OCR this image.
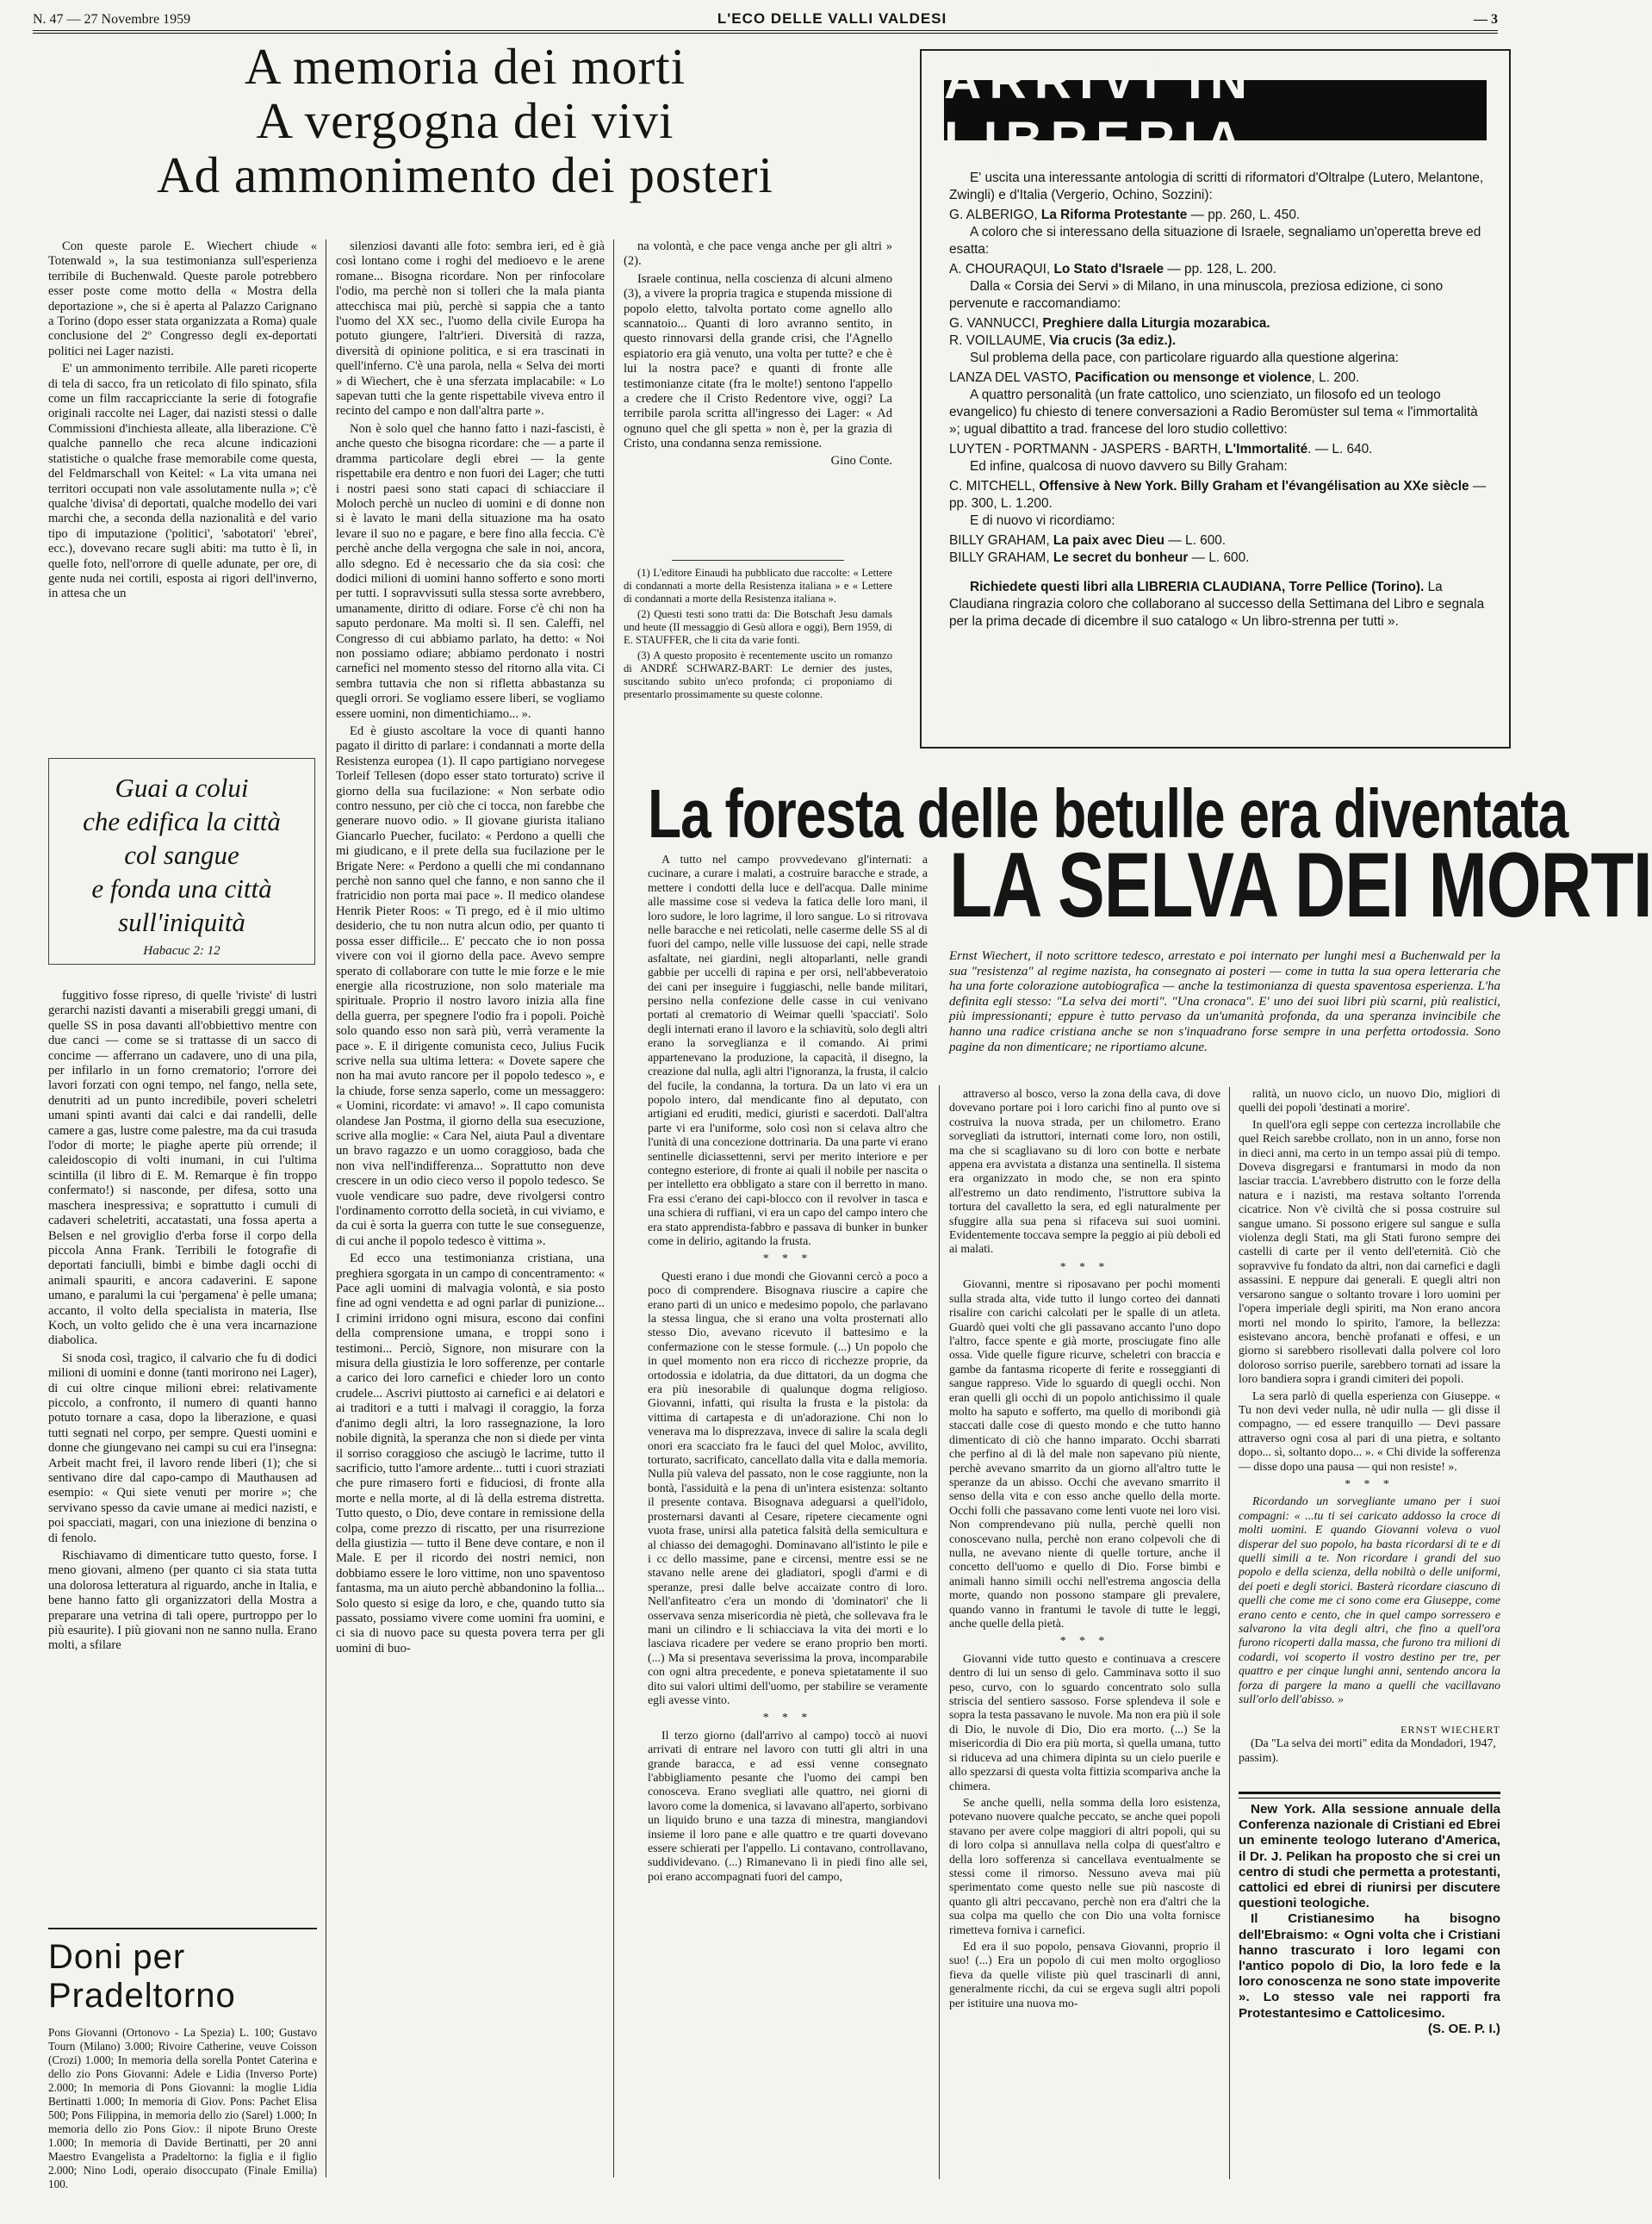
N. 47 — 27 Novembre 1959	L'ECO DELLE VALLI VALDESI	— 3
A memoria dei morti
A vergogna dei vivi
Ad ammonimento dei posteri

Con queste parole E. Wiechert chiude « Totenwald », la sua testimonianza sull'esperienza terribile di Buchenwald. Queste parole potrebbero esser poste come motto della « Mostra della deportazione », che si è aperta al Palazzo Carignano a Torino (dopo esser stata organizzata a Roma) quale conclusione del 2º Congresso degli ex-deportati politici nei Lager nazisti.

E' un ammonimento terribile. Alle pareti ricoperte di tela di sacco, fra un reticolato di filo spinato, sfila come un film raccapricciante la serie di fotografie originali raccolte nei Lager, dai nazisti stessi o dalle Commissioni d'inchiesta alleate, alla liberazione. C'è qualche pannello che reca alcune indicazioni statistiche o qualche frase memorabile come questa, del Feldmarschall von Keitel: « La vita umana nei territori occupati non vale assolutamente nulla »; c'è qualche 'divisa' di deportati, qualche modello dei vari marchi che, a seconda della nazionalità e del vario tipo di imputazione ('politici', 'sabotatori' 'ebrei', ecc.), dovevano recare sugli abiti: ma tutto è lì, in quelle foto, nell'orrore di quelle adunate, per ore, di gente nuda nei cortili, esposta ai rigori dell'inverno, in attesa che un

Guai a colui
che edifica la città
col sangue
e fonda una città
sull'iniquità
Habacuc 2: 12

fuggitivo fosse ripreso, di quelle 'riviste' di lustri gerarchi nazisti davanti a miserabili greggi umani, di quelle SS in posa davanti all'obbiettivo mentre con due canci — come se si trattasse di un sacco di concime — afferrano un cadavere, uno di una pila, per infilarlo in un forno crematorio; l'orrore dei lavori forzati con ogni tempo, nel fango, nella sete, denutriti ad un punto incredibile, poveri scheletri umani spinti avanti dai calci e dai randelli, delle camere a gas, lustre come palestre, ma da cui trasuda l'odor di morte; le piaghe aperte più orrende; il caleidoscopio di volti inumani, in cui l'ultima scintilla (il libro di E. M. Remarque è fin troppo confermato!) si nasconde, per difesa, sotto una maschera inespressiva; e soprattutto i cumuli di cadaveri scheletriti, accatastati, una fossa aperta a Belsen e nel groviglio d'erba forse il corpo della piccola Anna Frank. Terribili le fotografie di deportati fanciulli, bimbi e bimbe dagli occhi di animali spauriti, e ancora cadaverini. E sapone umano, e paralumi la cui 'pergamena' è pelle umana; accanto, il volto della specialista in materia, Ilse Koch, un volto gelido che è una vera incarnazione diabolica.

Si snoda così, tragico, il calvario che fu di dodici milioni di uomini e donne (tanti morirono nei Lager), di cui oltre cinque milioni ebrei: relativamente piccolo, a confronto, il numero di quanti hanno potuto tornare a casa, dopo la liberazione, e quasi tutti segnati nel corpo, per sempre. Questi uomini e donne che giungevano nei campi su cui era l'insegna: Arbeit macht frei, il lavoro rende liberi (1); che si sentivano dire dal capo-campo di Mauthausen ad esempio: « Qui siete venuti per morire »; che servivano spesso da cavie umane ai medici nazisti, e poi spacciati, magari, con una iniezione di benzina o di fenolo.

Rischiavamo di dimenticare tutto questo, forse. I meno giovani, almeno (per quanto ci sia stata tutta una dolorosa letteratura al riguardo, anche in Italia, e bene hanno fatto gli organizzatori della Mostra a preparare una vetrina di tali opere, purtroppo per lo più esaurite). I più giovani non ne sanno nulla. Erano molti, a sfilare

Doni per Pradeltorno
Pons Giovanni (Ortonovo - La Spezia) L. 100; Gustavo Tourn (Milano) 3.000; Rivoire Catherine, veuve Coisson (Crozi) 1.000; In memoria della sorella Pontet Caterina e dello zio Pons Giovanni: Adele e Lidia (Inverso Porte) 2.000; In memoria di Pons Giovanni: la moglie Lidia Bertinatti 1.000; In memoria di Giov. Pons: Pachet Elisa 500; Pons Filippina, in memoria dello zio (Sarel) 1.000; In memoria dello zio Pons Giov.: il nipote Bruno Oreste 1.000; In memoria di Davide Bertinatti, per 20 anni Maestro Evangelista a Pradeltorno: la figlia e il figlio 2.000; Nino Lodi, operaio disoccupato (Finale Emilia) 100.

silenziosi davanti alle foto: sembra ieri, ed è già così lontano come i roghi del medioevo e le arene romane... Bisogna ricordare. Non per rinfocolare l'odio, ma perchè non si tolleri che la mala pianta attecchisca mai più, perchè si sappia che a tanto l'uomo del XX sec., l'uomo della civile Europa ha potuto giungere, l'altr'ieri. Diversità di razza, diversità di opinione politica, e si era trascinati in quell'inferno. C'è una parola, nella « Selva dei morti » di Wiechert, che è una sferzata implacabile: « Lo sapevan tutti che la gente rispettabile viveva entro il recinto del campo e non dall'altra parte ».

Non è solo quel che hanno fatto i nazi-fascisti, è anche questo che bisogna ricordare: che — a parte il dramma particolare degli ebrei — la gente rispettabile era dentro e non fuori dei Lager; che tutti i nostri paesi sono stati capaci di schiacciare il Moloch perchè un nucleo di uomini e di donne non si è lavato le mani della situazione ma ha osato levare il suo no e pagare, e bere fino alla feccia. C'è perchè anche della vergogna che sale in noi, ancora, allo sdegno. Ed è necessario che da sia così: che dodici milioni di uomini hanno sofferto e sono morti per tutti. I sopravvissuti sulla stessa sorte avrebbero, umanamente, diritto di odiare. Forse c'è chi non ha saputo perdonare. Ma molti sì. Il sen. Caleffi, nel Congresso di cui abbiamo parlato, ha detto: « Noi non possiamo odiare; abbiamo perdonato i nostri carnefici nel momento stesso del ritorno alla vita. Ci sembra tuttavia che non si rifletta abbastanza su quegli orrori. Se vogliamo essere liberi, se vogliamo essere uomini, non dimentichiamo... ».

Ed è giusto ascoltare la voce di quanti hanno pagato il diritto di parlare: i condannati a morte della Resistenza europea (1). Il capo partigiano norvegese Torleif Tellesen (dopo esser stato torturato) scrive il giorno della sua fucilazione: « Non serbate odio contro nessuno, per ciò che ci tocca, non farebbe che generare nuovo odio. » Il giovane giurista italiano Giancarlo Puecher, fucilato: « Perdono a quelli che mi giudicano, e il prete della sua fucilazione per le Brigate Nere: « Perdono a quelli che mi condannano perchè non sanno quel che fanno, e non sanno che il fratricidio non porta mai pace ». Il medico olandese Henrik Pieter Roos: « Ti prego, ed è il mio ultimo desiderio, che tu non nutra alcun odio, per quanto ti possa esser difficile... E' peccato che io non possa vivere con voi il giorno della pace. Avevo sempre sperato di collaborare con tutte le mie forze e le mie energie alla ricostruzione, non solo materiale ma spirituale. Proprio il nostro lavoro inizia alla fine della guerra, per spegnere l'odio fra i popoli. Poichè solo quando esso non sarà più, verrà veramente la pace ». E il dirigente comunista ceco, Julius Fucik scrive nella sua ultima lettera: « Dovete sapere che non ha mai avuto rancore per il popolo tedesco », e la chiude, forse senza saperlo, come un messaggero: « Uomini, ricordate: vi amavo! ». Il capo comunista olandese Jan Postma, il giorno della sua esecuzione, scrive alla moglie: « Cara Nel, aiuta Paul a diventare un bravo ragazzo e un uomo coraggioso, bada che non viva nell'indifferenza... Soprattutto non deve crescere in un odio cieco verso il popolo tedesco. Se vuole vendicare suo padre, deve rivolgersi contro l'ordinamento corrotto della società, in cui viviamo, e da cui è sorta la guerra con tutte le sue conseguenze, di cui anche il popolo tedesco è vittima ».

Ed ecco una testimonianza cristiana, una preghiera sgorgata in un campo di concentramento: « Pace agli uomini di malvagia volontà, e sia posto fine ad ogni vendetta e ad ogni parlar di punizione... I crimini irridono ogni misura, escono dai confini della comprensione umana, e troppi sono i testimoni... Perciò, Signore, non misurare con la misura della giustizia le loro sofferenze, per contarle a carico dei loro carnefici e chieder loro un conto crudele... Ascrivi piuttosto ai carnefici e ai delatori e ai traditori e a tutti i malvagi il coraggio, la forza d'animo degli altri, la loro rassegnazione, la loro nobile dignità, la speranza che non si diede per vinta il sorriso coraggioso che asciugò le lacrime, tutto il sacrificio, tutto l'amore ardente... tutti i cuori straziati che pure rimasero forti e fiduciosi, di fronte alla morte e nella morte, al di là della estrema distretta. Tutto questo, o Dio, deve contare in remissione della colpa, come prezzo di riscatto, per una risurrezione della giustizia — tutto il Bene deve contare, e non il Male. E per il ricordo dei nostri nemici, non dobbiamo essere le loro vittime, non uno spaventoso fantasma, ma un aiuto perchè abbandonino la follia... Solo questo si esige da loro, e che, quando tutto sia passato, possiamo vivere come uomini fra uomini, e ci sia di nuovo pace su questa povera terra per gli uomini di buo-

na volontà, e che pace venga anche per gli altri » (2).

Israele continua, nella coscienza di alcuni almeno (3), a vivere la propria tragica e stupenda missione di popolo eletto, talvolta portato come agnello allo scannatoio... Quanti di loro avranno sentito, in questo rinnovarsi della grande crisi, che l'Agnello espiatorio era già venuto, una volta per tutte? e che è lui la nostra pace? e quanti di fronte alle testimonianze citate (fra le molte!) sentono l'appello a credere che il Cristo Redentore vive, oggi? La terribile parola scritta all'ingresso dei Lager: « Ad ognuno quel che gli spetta » non è, per la grazia di Cristo, una condanna senza remissione.

Gino Conte.

(1) L'editore Einaudi ha pubblicato due raccolte: « Lettere di condannati a morte della Resistenza italiana » e « Lettere di condannati a morte della Resistenza italiana ».

(2) Questi testi sono tratti da: Die Botschaft Jesu damals und heute (II messaggio di Gesù allora e oggi), Bern 1959, di E. STAUFFER, che li cita da varie fonti.

(3) A questo proposito è recentemente uscito un romanzo di ANDRÉ SCHWARZ-BART: Le dernier des justes, suscitando subito un'eco profonda; ci proponiamo di presentarlo prossimamente su queste colonne.

ARRIVI IN LIBRERIA

E' uscita una interessante antologia di scritti di riformatori d'Oltralpe (Lutero, Melantone, Zwingli) e d'Italia (Vergerio, Ochino, Sozzini):

G. ALBERIGO, La Riforma Protestante — pp. 260, L. 450.

A coloro che si interessano della situazione di Israele, segnaliamo un'operetta breve ed esatta:

A. CHOURAQUI, Lo Stato d'Israele — pp. 128, L. 200.

Dalla « Corsia dei Servi » di Milano, in una minuscola, preziosa edizione, ci sono pervenute e raccomandiamo:

G. VANNUCCI, Preghiere dalla Liturgia mozarabica.

R. VOILLAUME, Via crucis (3a ediz.).

Sul problema della pace, con particolare riguardo alla questione algerina:

LANZA DEL VASTO, Pacification ou mensonge et violence, L. 200.

A quattro personalità (un frate cattolico, uno scienziato, un filosofo ed un teologo evangelico) fu chiesto di tenere conversazioni a Radio Beromüster sul tema « l'immortalità »; ugual dibattito a trad. francese del loro studio collettivo:

LUYTEN - PORTMANN - JASPERS - BARTH, L'Immortalité. — L. 640.

Ed infine, qualcosa di nuovo davvero su Billy Graham:

C. MITCHELL, Offensive à New York. Billy Graham et l'évangélisation au XXe siècle — pp. 300, L. 1.200.

E di nuovo vi ricordiamo:

BILLY GRAHAM, La paix avec Dieu — L. 600.

BILLY GRAHAM, Le secret du bonheur — L. 600.

Richiedete questi libri alla LIBRERIA CLAUDIANA, Torre Pellice (Torino). La Claudiana ringrazia coloro che collaborano al successo della Settimana del Libro e segnala per la prima decade di dicembre il suo catalogo « Un libro-strenna per tutti ».

La foresta delle betulle era diventata
LA SELVA DEI MORTI

A tutto nel campo provvedevano gl'internati: a cucinare, a curare i malati, a costruire baracche e strade, a mettere i condotti della luce e dell'acqua. Dalle minime alle massime cose si vedeva la fatica delle loro mani, il loro sudore, le loro lagrime, il loro sangue. Lo si ritrovava nelle baracche e nei reticolati, nelle caserme delle SS al di fuori del campo, nelle ville lussuose dei capi, nelle strade asfaltate, nei giardini, negli altoparlanti, nelle grandi gabbie per uccelli di rapina e per orsi, nell'abbeveratoio dei cani per inseguire i fuggiaschi, nelle bande militari, persino nella confezione delle casse in cui venivano portati al crematorio di Weimar quelli 'spacciati'. Solo degli internati erano il lavoro e la schiavitù, solo degli altri erano la sorveglianza e il comando. Ai primi appartenevano la produzione, la capacità, il disegno, la creazione dal nulla, agli altri l'ignoranza, la frusta, il calcio del fucile, la condanna, la tortura. Da un lato vi era un popolo intero, dal mendicante fino al deputato, con artigiani ed eruditi, medici, giuristi e sacerdoti. Dall'altra parte vi era l'uniforme, solo così non si celava altro che l'unità di una concezione dottrinaria. Da una parte vi erano sentinelle diciassettenni, servi per merito interiore e per contegno esteriore, di fronte ai quali il nobile per nascita o per intelletto era obbligato a stare con il berretto in mano. Fra essi c'erano dei capi-blocco con il revolver in tasca e una schiera di ruffiani, vi era un capo del campo intero che era stato apprendista-fabbro e passava di bunker in bunker come in delirio, agitando la frusta.

* * *

Questi erano i due mondi che Giovanni cercò a poco a poco di comprendere. Bisognava riuscire a capire che erano parti di un unico e medesimo popolo, che parlavano la stessa lingua, che si erano una volta prosternati allo stesso Dio, avevano ricevuto il battesimo e la confermazione con le stesse formule. (...) Un popolo che in quel momento non era ricco di ricchezze proprie, da ortodossia e idolatria, da due dittatori, da un dogma che era più inesorabile di qualunque dogma religioso. Giovanni, infatti, qui risulta la frusta e la pistola: da vittima di cartapesta e di un'adorazione. Chi non lo venerava ma lo disprezzava, invece di salire la scala degli onori era scacciato fra le fauci del quel Moloc, avvilito, torturato, sacrificato, cancellato dalla vita e dalla memoria. Nulla più valeva del passato, non le cose raggiunte, non la bontà, l'assiduità e la pena di un'intera esistenza: soltanto il presente contava. Bisognava adeguarsi a quell'idolo, prosternarsi davanti al Cesare, ripetere ciecamente ogni vuota frase, unirsi alla patetica falsità della semicultura e al chiasso dei demagoghi. Dominavano all'istinto le pile e i cc dello massime, pane e circensi, mentre essi se ne stavano nelle arene dei gladiatori, spogli d'armi e di speranze, presi dalle belve accaizate contro di loro. Nell'anfiteatro c'era un mondo di 'dominatori' che li osservava senza misericordia nè pietà, che sollevava fra le mani un cilindro e li schiacciava la vita dei morti e lo lasciava ricadere per vedere se erano proprio ben morti. (...) Ma si presentava severissima la prova, incomparabile con ogni altra precedente, e poneva spietatamente il suo dito sui valori ultimi dell'uomo, per stabilire se veramente egli avesse vinto.

* * *

Il terzo giorno (dall'arrivo al campo) toccò ai nuovi arrivati di entrare nel lavoro con tutti gli altri in una grande baracca, e ad essi venne consegnato l'abbigliamento pesante che l'uomo dei campi ben conosceva. Erano svegliati alle quattro, nei giorni di lavoro come la domenica, si lavavano all'aperto, sorbivano un liquido bruno e una tazza di minestra, mangiandovi insieme il loro pane e alle quattro e tre quarti dovevano essere schierati per l'appello. Li contavano, controllavano, suddividevano. (...) Rimanevano lì in piedi fino alle sei, poi erano accompagnati fuori del campo,

Ernst Wiechert, il noto scrittore tedesco, arrestato e poi internato per lunghi mesi a Buchenwald per la sua "resistenza" al regime nazista, ha consegnato ai posteri — come in tutta la sua opera letteraria che ha una forte colorazione autobiografica — anche la testimonianza di questa spaventosa esperienza. L'ha definita egli stesso: "La selva dei morti". "Una cronaca". E' uno dei suoi libri più scarni, più realistici, più impressionanti; eppure è tutto pervaso da un'umanità profonda, da una speranza invincibile che hanno una radice cristiana anche se non s'inquadrano forse sempre in una perfetta ortodossia. Sono pagine da non dimenticare; ne riportiamo alcune.

attraverso al bosco, verso la zona della cava, di dove dovevano portare poi i loro carichi fino al punto ove si costruiva la nuova strada, per un chilometro. Erano sorvegliati da istruttori, internati come loro, non ostili, ma che si scagliavano su di loro con botte e nerbate appena era avvistata a distanza una sentinella. Il sistema era organizzato in modo che, se non era spinto all'estremo un dato rendimento, l'istruttore subiva la tortura del cavalletto la sera, ed egli naturalmente per sfuggire alla sua pena si rifaceva sui suoi uomini. Evidentemente toccava sempre la peggio ai più deboli ed ai malati.

* * *

Giovanni, mentre si riposavano per pochi momenti sulla strada alta, vide tutto il lungo corteo dei dannati risalire con carichi calcolati per le spalle di un atleta. Guardò quei volti che gli passavano accanto l'uno dopo l'altro, facce spente e già morte, prosciugate fino alle ossa. Vide quelle figure ricurve, scheletri con braccia e gambe da fantasma ricoperte di ferite e rosseggianti di sangue rappreso. Vide lo sguardo di quegli occhi. Non eran quelli gli occhi di un popolo antichissimo il quale molto ha saputo e sofferto, ma quello di moribondi già staccati dalle cose di questo mondo e che tutto hanno dimenticato di ciò che hanno imparato. Occhi sbarrati che perfino al di là del male non sapevano più niente, perchè avevano smarrito da un giorno all'altro tutte le speranze da un abisso. Occhi che avevano smarrito il senso della vita e con esso anche quello della morte. Occhi folli che passavano come lenti vuote nei loro visi. Non comprendevano più nulla, perchè quelli non conoscevano nulla, perchè non erano colpevoli che di nulla, ne avevano niente di quelle torture, anche il concetto dell'uomo e quello di Dio. Forse bimbi e animali hanno simili occhi nell'estrema angoscia della morte, quando non possono stampare gli prevalere, quando vanno in frantumi le tavole di tutte le leggi, anche quelle della pietà.

* * *

Giovanni vide tutto questo e continuava a crescere dentro di lui un senso di gelo. Camminava sotto il suo peso, curvo, con lo sguardo concentrato solo sulla striscia del sentiero sassoso. Forse splendeva il sole e sopra la testa passavano le nuvole. Ma non era più il sole di Dio, le nuvole di Dio, Dio era morto. (...) Se la misericordia di Dio era più morta, sì quella umana, tutto si riduceva ad una chimera dipinta su un cielo puerile e allo spezzarsi di questa volta fittizia scompariva anche la chimera.

Se anche quelli, nella somma della loro esistenza, potevano nuovere qualche peccato, se anche quei popoli stavano per avere colpe maggiori di altri popoli, qui su di loro colpa si annullava nella colpa di quest'altro e della loro sofferenza si cancellava eventualmente se stessi come il rimorso. Nessuno aveva mai più sperimentato come questo nelle sue più nascoste di quanto gli altri peccavano, perchè non era d'altri che la sua colpa ma quello che con Dio una volta fornisce rimetteva forniva i carnefici.

Ed era il suo popolo, pensava Giovanni, proprio il suo! (...) Era un popolo di cui men molto orgoglioso fieva da quelle viliste più quel trascinarli di anni, generalmente ricchi, da cui se ergeva sugli altri popoli per istituire una nuova mo-

ralità, un nuovo ciclo, un nuovo Dio, migliori di quelli dei popoli 'destinati a morire'.

In quell'ora egli seppe con certezza incrollabile che quel Reich sarebbe crollato, non in un anno, forse non in dieci anni, ma certo in un tempo assai più di tempo. Doveva disgregarsi e frantumarsi in modo da non lasciar traccia. L'avrebbero distrutto con le forze della natura e i nazisti, ma restava soltanto l'orrenda cicatrice. Non v'è civiltà che si possa costruire sul sangue umano. Si possono erigere sul sangue e sulla violenza degli Stati, ma gli Stati furono sempre dei castelli di carte per il vento dell'eternità. Ciò che sopravvive fu fondato da altri, non dai carnefici e dagli assassini. E neppure dai generali. E quegli altri non versarono sangue o soltanto trovare i loro uomini per l'opera imperiale degli spiriti, ma Non erano ancora morti nel mondo lo spirito, l'amore, la bellezza: esistevano ancora, benchè profanati e offesi, e un giorno si sarebbero risollevati dalla polvere col loro doloroso sorriso puerile, sarebbero tornati ad issare la loro bandiera sopra i grandi cimiteri dei popoli.

La sera parlò di quella esperienza con Giuseppe. « Tu non devi veder nulla, nè udir nulla — gli disse il compagno, — ed essere tranquillo — Devi passare attraverso ogni cosa al pari di una pietra, e soltanto dopo... sì, soltanto dopo... ». « Chi divide la sofferenza — disse dopo una pausa — qui non resiste! ».

* * *

Ricordando un sorvegliante umano per i suoi compagni: « ...tu ti sei caricato addosso la croce di molti uomini. E quando Giovanni voleva o vuol disperar del suo popolo, ha basta ricordarsi di te e di quelli simili a te. Non ricordare i grandi del suo popolo e della scienza, della nobiltà o delle uniformi, dei poeti e degli storici. Basterà ricordare ciascuno di quelli che come me ci sono come era Giuseppe, come erano cento e cento, che in quel campo sorressero e salvarono la vita degli altri, che fino a quell'ora furono ricoperti dalla massa, che furono tra milioni di codardi, voi scoperto il vostro destino per tre, per quattro e per cinque lunghi anni, sentendo ancora la forza di pargere la mano a quelli che vacillavano sull'orlo dell'abisso. »

ERNST WIECHERT
(Da "La selva dei morti" edita da Mondadori, 1947, passim).

New York. Alla sessione annuale della Conferenza nazionale di Cristiani ed Ebrei un eminente teologo luterano d'America, il Dr. J. Pelikan ha proposto che si crei un centro di studi che permetta a protestanti, cattolici ed ebrei di riunirsi per discutere questioni teologiche.

Il Cristianesimo ha bisogno dell'Ebraismo: « Ogni volta che i Cristiani hanno trascurato i loro legami con l'antico popolo di Dio, la loro fede e la loro conoscenza ne sono state impoverite ». Lo stesso vale nei rapporti fra Protestantesimo e Cattolicesimo.

(S. OE. P. I.)
